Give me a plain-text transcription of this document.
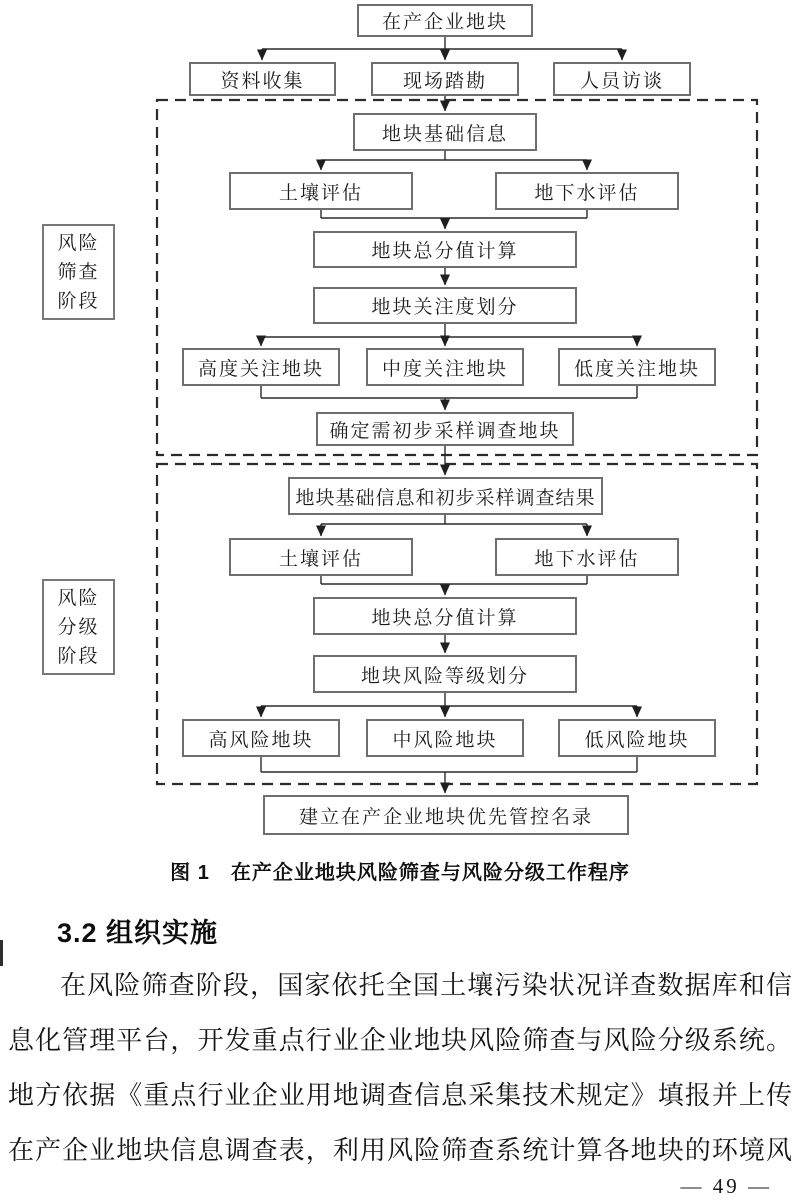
风险筛查阶段
风险分级阶段
在产企业地块
资料收集	现场踏勘	人员访谈
地块基础信息
土壤评估	地下水评估
地块总分值计算
地块关注度划分
高度关注地块	中度关注地块	低度关注地块
确定需初步采样调查地块
地块基础信息和初步采样调查结果
土壤评估	地下水评估
地块总分值计算
地块风险等级划分
高风险地块	中风险地块	低风险地块
建立在产企业地块优先管控名录
图 1　在产企业地块风险筛查与风险分级工作程序
3.2 组织实施
在风险筛查阶段，国家依托全国土壤污染状况详查数据库和信
息化管理平台，开发重点行业企业地块风险筛查与风险分级系统。
地方依据《重点行业企业用地调查信息采集技术规定》填报并上传
在产企业地块信息调查表，利用风险筛查系统计算各地块的环境风
— 49 —
